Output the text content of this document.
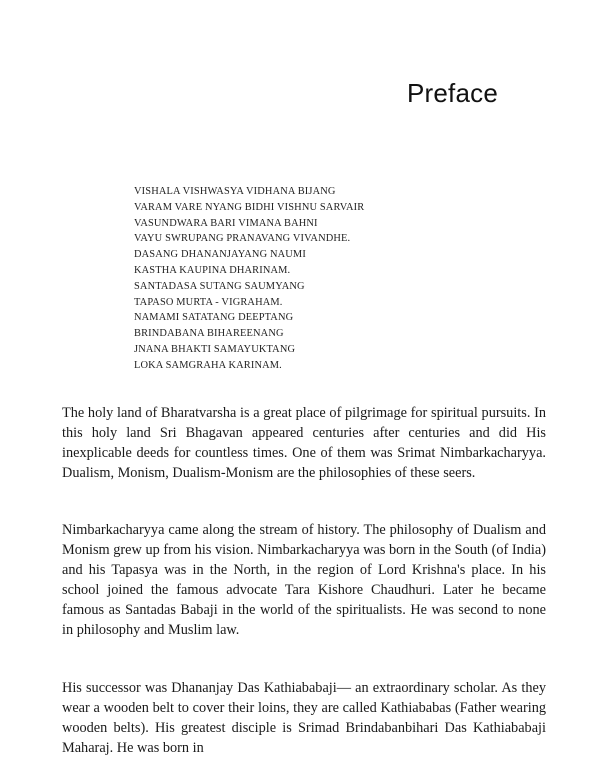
Preface
VISHALA VISHWASYA VIDHANA BIJANG
VARAM VARE NYANG BIDHI VISHNU SARVAIR
VASUNDWARA BARI VIMANA BAHNI
VAYU SWRUPANG PRANAVANG VIVANDHE.
DASANG DHANANJAYANG NAUMI
KASTHA KAUPINA DHARINAM.
SANTADASA SUTANG SAUMYANG
TAPASO MURTA - VIGRAHAM.
NAMAMI SATATANG DEEPTANG
BRINDABANA BIHAREENANG
JNANA BHAKTI SAMAYUKTANG
LOKA SAMGRAHA KARINAM.

The holy land of Bharatvarsha is a great place of pilgrimage for spiritual pursuits. In this holy land Sri Bhagavan appeared centuries after centuries and did His inexplicable deeds for countless times. One of them was Srimat Nimbarkacharyya. Dualism, Monism, Dualism-Monism are the philosophies of these seers.

Nimbarkacharyya came along the stream of history. The philosophy of Dualism and Monism grew up from his vision. Nimbarkacharyya was born in the South (of India) and his Tapasya was in the North, in the region of Lord Krishna's place. In his school joined the famous advocate Tara Kishore Chaudhuri. Later he became famous as Santadas Babaji in the world of the spiritualists. He was second to none in philosophy and Muslim law.

His successor was Dhananjay Das Kathiababaji— an extraordinary scholar. As they wear a wooden belt to cover their loins, they are called Kathiababas (Father wearing wooden belts). His greatest disciple is Srimad Brindabanbihari Das Kathiababaji Maharaj. He was born in
